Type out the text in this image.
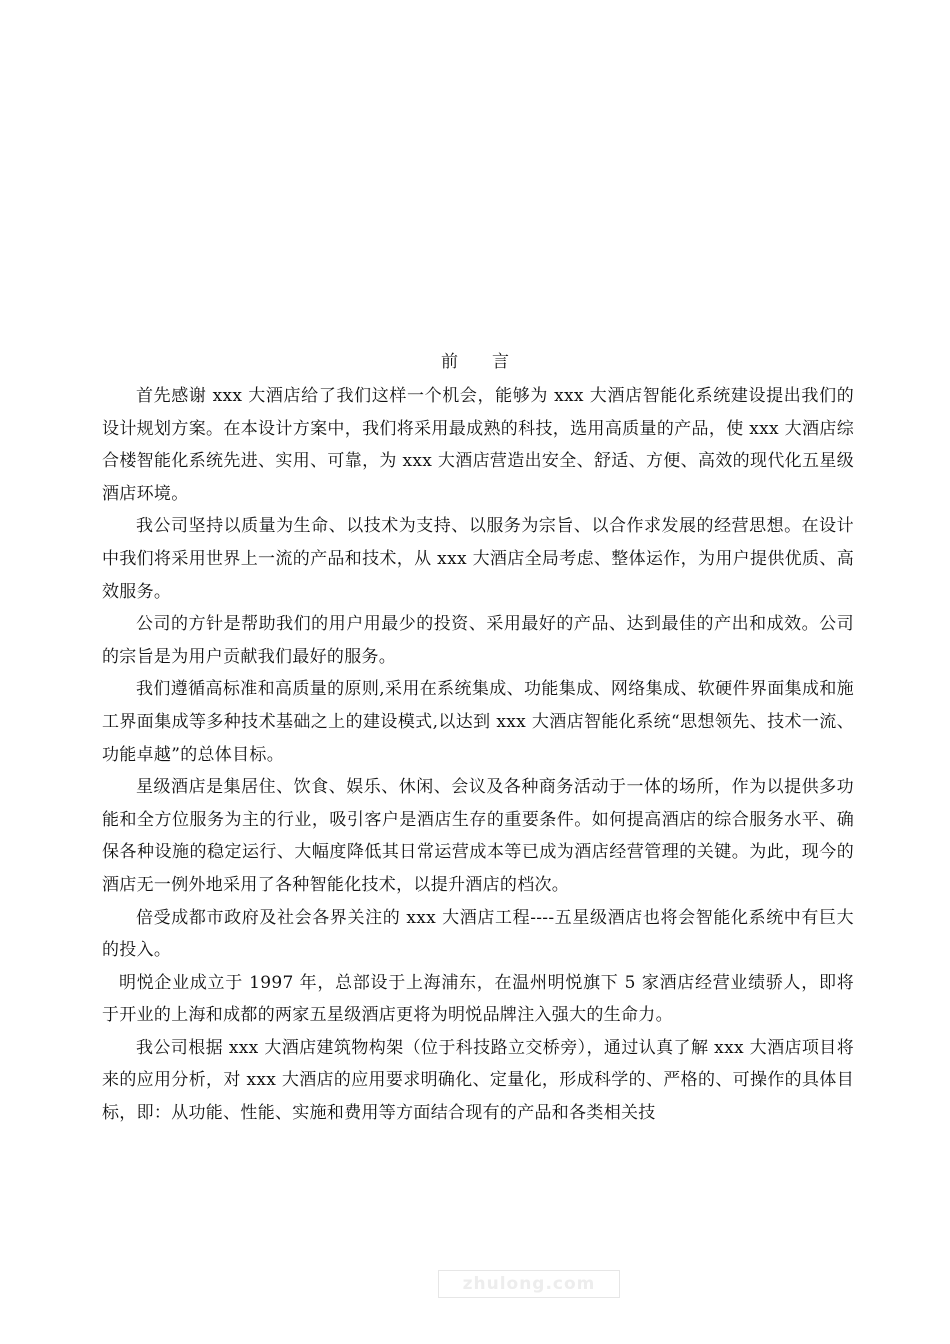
前言

首先感谢 xxx 大酒店给了我们这样一个机会，能够为 xxx 大酒店智能化系统建设提出我们的设计规划方案。在本设计方案中，我们将采用最成熟的科技，选用高质量的产品，使 xxx 大酒店综合楼智能化系统先进、实用、可靠，为 xxx 大酒店营造出安全、舒适、方便、高效的现代化五星级酒店环境。

我公司坚持以质量为生命、以技术为支持、以服务为宗旨、以合作求发展的经营思想。在设计中我们将采用世界上一流的产品和技术，从 xxx 大酒店全局考虑、整体运作，为用户提供优质、高效服务。

公司的方针是帮助我们的用户用最少的投资、采用最好的产品、达到最佳的产出和成效。公司的宗旨是为用户贡献我们最好的服务。

我们遵循高标准和高质量的原则,采用在系统集成、功能集成、网络集成、软硬件界面集成和施工界面集成等多种技术基础之上的建设模式,以达到 xxx 大酒店智能化系统“思想领先、技术一流、功能卓越”的总体目标。

星级酒店是集居住、饮食、娱乐、休闲、会议及各种商务活动于一体的场所，作为以提供多功能和全方位服务为主的行业，吸引客户是酒店生存的重要条件。如何提高酒店的综合服务水平、确保各种设施的稳定运行、大幅度降低其日常运营成本等已成为酒店经营管理的关键。为此，现今的酒店无一例外地采用了各种智能化技术，以提升酒店的档次。

倍受成都市政府及社会各界关注的 xxx 大酒店工程----五星级酒店也将会智能化系统中有巨大的投入。

明悦企业成立于 1997 年，总部设于上海浦东，在温州明悦旗下 5 家酒店经营业绩骄人，即将于开业的上海和成都的两家五星级酒店更将为明悦品牌注入强大的生命力。

我公司根据 xxx 大酒店建筑物构架（位于科技路立交桥旁），通过认真了解 xxx 大酒店项目将来的应用分析，对 xxx 大酒店的应用要求明确化、定量化，形成科学的、严格的、可操作的具体目标，即：从功能、性能、实施和费用等方面结合现有的产品和各类相关技

zhulong.com
